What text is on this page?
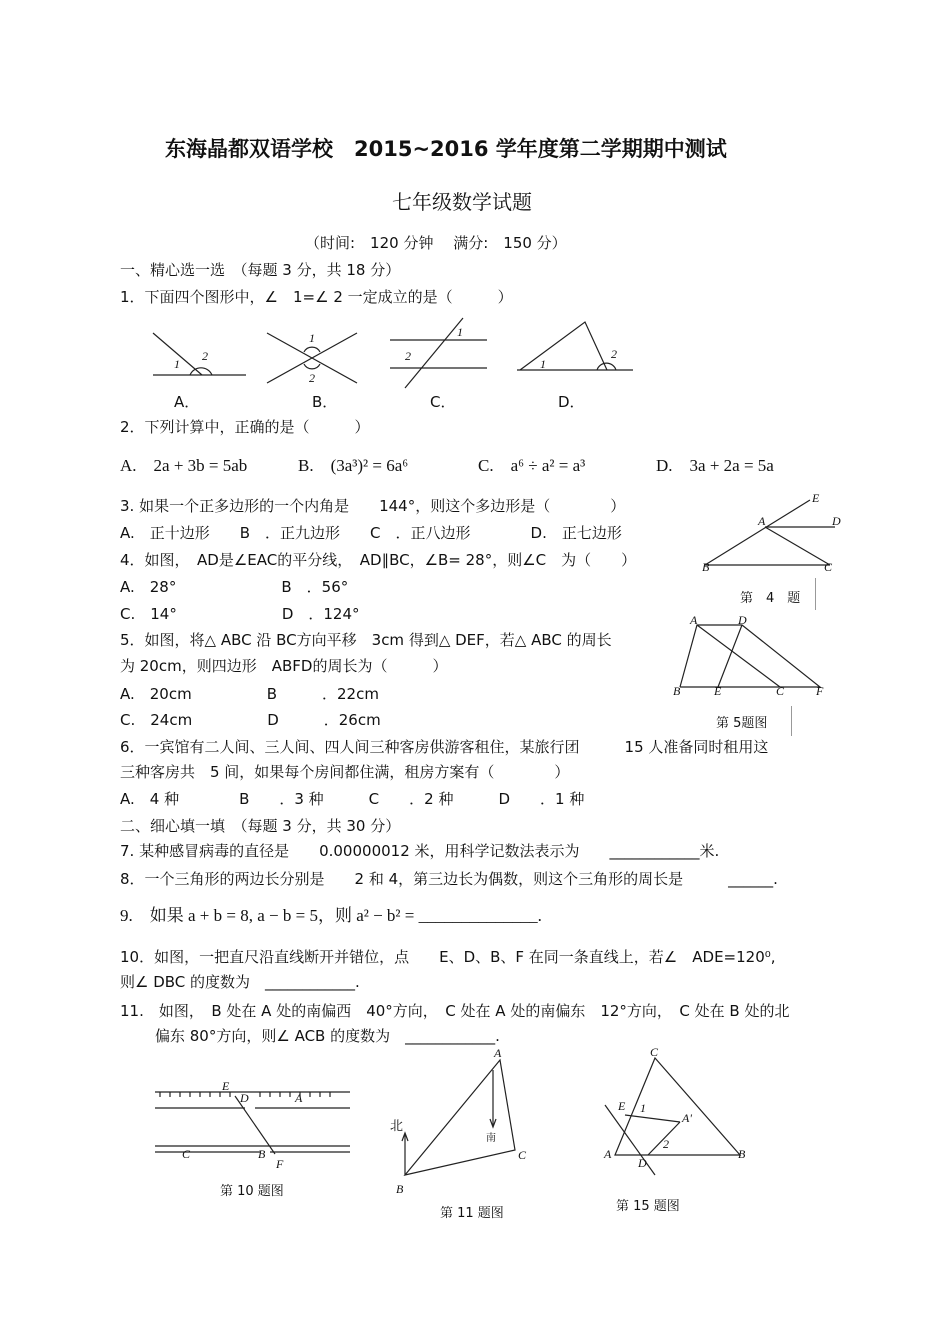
东海晶都双语学校　2015~2016 学年度第二学期期中测试
七年级数学试题
（时间:　120 分钟　 满分:　150 分）
一、精心选一选　（每题 3 分，共 18 分）
1．下面四个图形中，∠　1=∠ 2 一定成立的是（　　　）
1
2
1
2
1
2
1
2
A．	B．	C．	D．
2．下列计算中，正确的是（　　　）
A.　2a + 3b = 5ab	B.　(3a³)² = 6a⁶	C.　a⁶ ÷ a² = a³	D.　3a + 2a = 5a
3. 如果一个正多边形的一个内角是　　144°，则这个多边形是（　　　　）
A.　正十边形　　B　．正九边形　　C　．正八边形　　　　D.　正七边形
4．如图，　AD是∠EAC的平分线，　AD∥BC，∠B= 28°，则∠C　为（　　）
A.　28°　　　　　　　B　．56°
C.　14°　　　　　　　D　．124°
E
A	D
B	C
第　4　题
5．如图，将△ ABC 沿 BC方向平移　3cm 得到△ DEF，若△ ABC 的周长
为 20cm，则四边形　ABFD的周长为（　　　）
A.　20cm　　　　　B　　　．22cm
C.　24cm　　　　　D　　　．26cm
A	D
B	E	C	F
第 5题图
6．一宾馆有二人间、三人间、四人间三种客房供游客租住，某旅行团　　　15 人准备同时租用这
三种客房共　5 间，如果每个房间都住满，租房方案有（　　　　）
A.　4 种　　　　B　　．3 种　　　C　　．2 种　　　D　　．1 种
二、细心填一填　（每题 3 分，共 30 分）
7. 某种感冒病毒的直径是　　0.00000012 米，用科学记数法表示为　　____________米.
8．一个三角形的两边长分别是　　2 和 4，第三边长为偶数，则这个三角形的周长是　　　______.
9.　如果 a + b = 8, a − b = 5，则 a² − b² = ______________.
10．如图，一把直尺沿直线断开并错位，点　　E、D、B、F 在同一条直线上，若∠　ADE=120⁰,
则∠ DBC 的度数为　____________.
11.　如图，　B 处在 A 处的南偏西　40°方向，　C 处在 A 处的南偏东　12°方向，　C 处在 B 处的北
偏东 80°方向，则∠ ACB 的度数为　____________.
E
D	A
C	B
F
第 10 题图
A
B
C
北
南
第 11 题图
C
A	B
E
D
A'
1
2
第 15 题图
